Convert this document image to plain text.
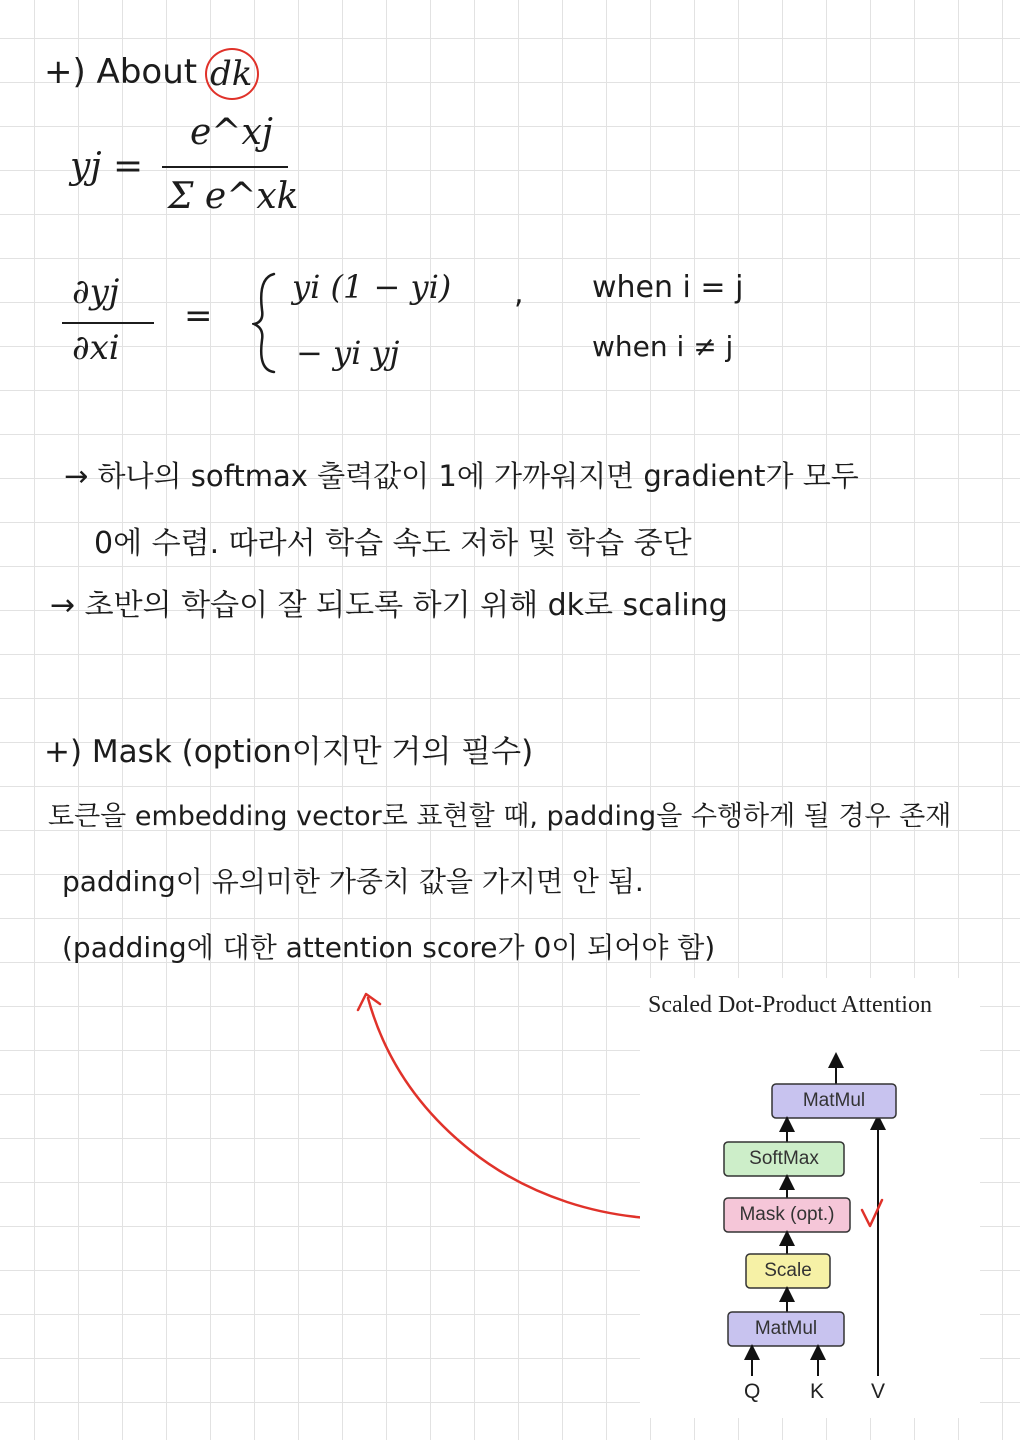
+) About dk
yj =
e^xj
Σ e^xk
∂yj
∂xi
=
yi (1 − yi) , when i = j
− yi yj	when i ≠ j
→ 하나의 softmax 출력값이 1에 가까워지면 gradient가 모두
0에 수렴. 따라서 학습 속도 저하 및 학습 중단
→ 초반의 학습이 잘 되도록 하기 위해 dk로 scaling
+) Mask (option이지만 거의 필수)
토큰을 embedding vector로 표현할 때, padding을 수행하게 될 경우 존재
padding이 유의미한 가중치 값을 가지면 안 됨.
(padding에 대한 attention score가 0이 되어야 함)
Scaled Dot-Product Attention
MatMul
SoftMax
Mask (opt.)
Scale
MatMul
Q K V
